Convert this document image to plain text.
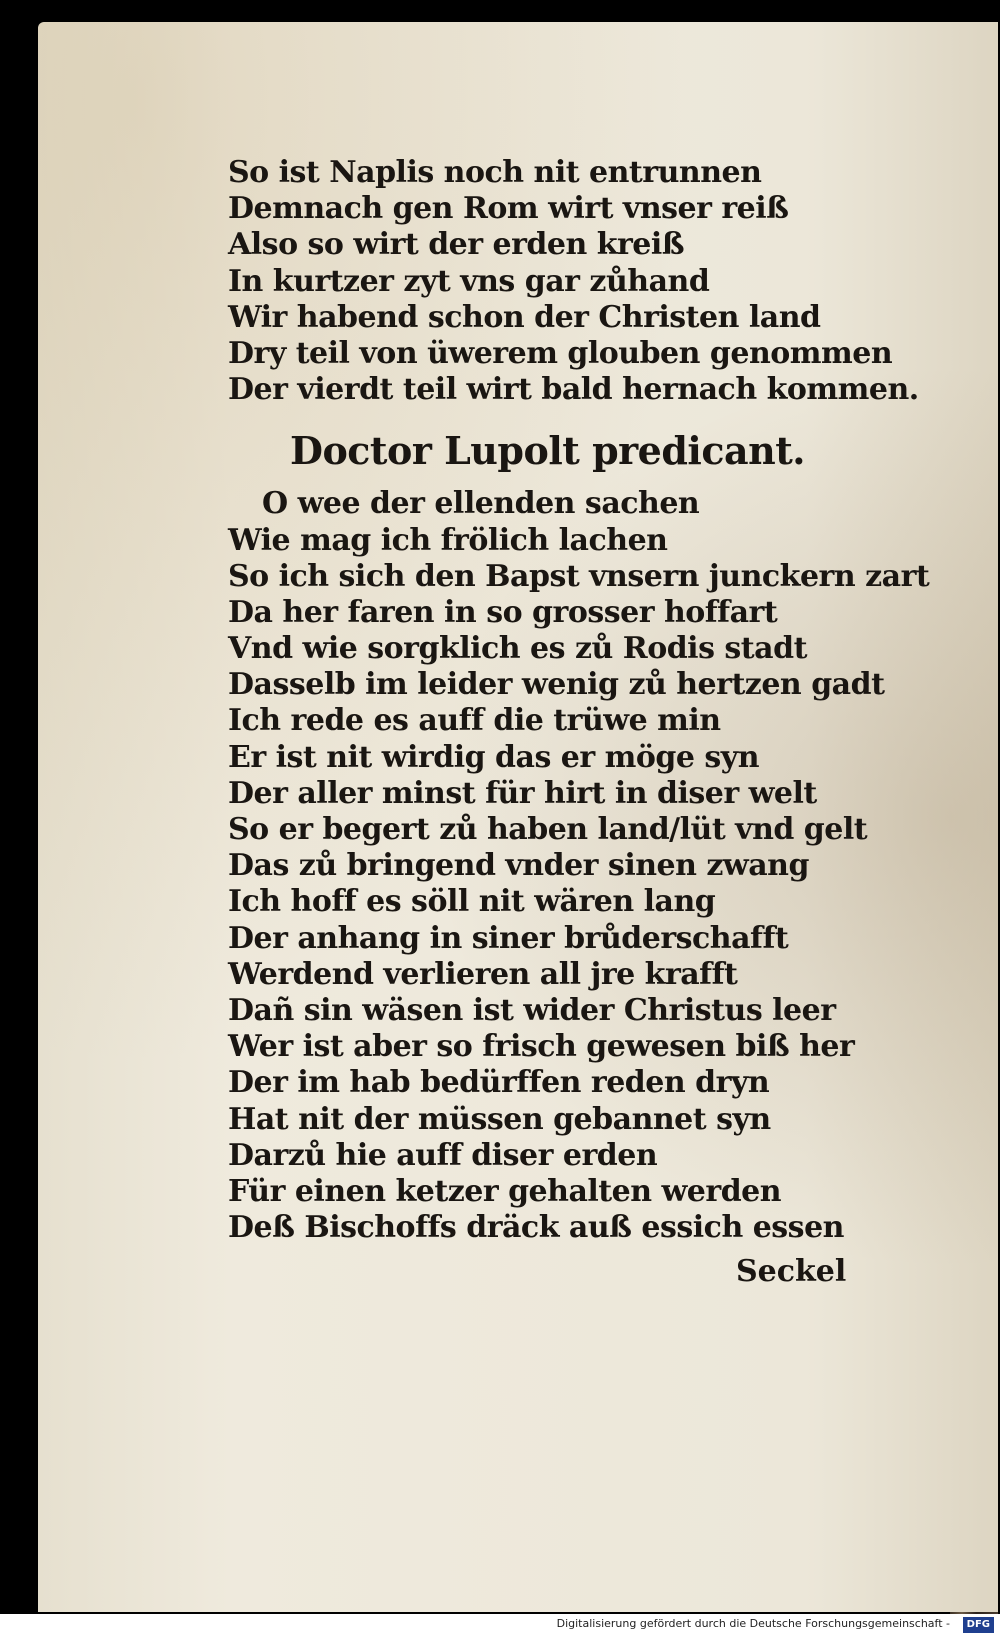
So ist Naplis noch nit entrunnen
Demnach gen Rom wirt vnser reiß
Also so wirt der erden kreiß
In kurtzer zyt vns gar zůhand
Wir habend schon der Christen land
Dry teil von üwerem glouben genommen
Der vierdt teil wirt bald hernach kommen.
Doctor Lupolt predicant.
O wee der ellenden sachen
Wie mag ich frölich lachen
So ich sich den Bapst vnsern junckern zart
Da her faren in so grosser hoffart
Vnd wie sorgklich es zů Rodis stadt
Dasselb im leider wenig zů hertzen gadt
Ich rede es auff die trüwe min
Er ist nit wirdig das er möge syn
Der aller minst für hirt in diser welt
So er begert zů haben land/lüt vnd gelt
Das zů bringend vnder sinen zwang
Ich hoff es söll nit wären lang
Der anhang in siner brůderschafft
Werdend verlieren all jre krafft
Dañ sin wäsen ist wider Christus leer
Wer ist aber so frisch gewesen biß her
Der im hab bedürffen reden dryn
Hat nit der müssen gebannet syn
Darzů hie auff diser erden
Für einen ketzer gehalten werden
Deß Bischoffs dräck auß essich essen
Seckel
Digitalisierung gefördert durch die Deutsche Forschungsgemeinschaft -	DFG
